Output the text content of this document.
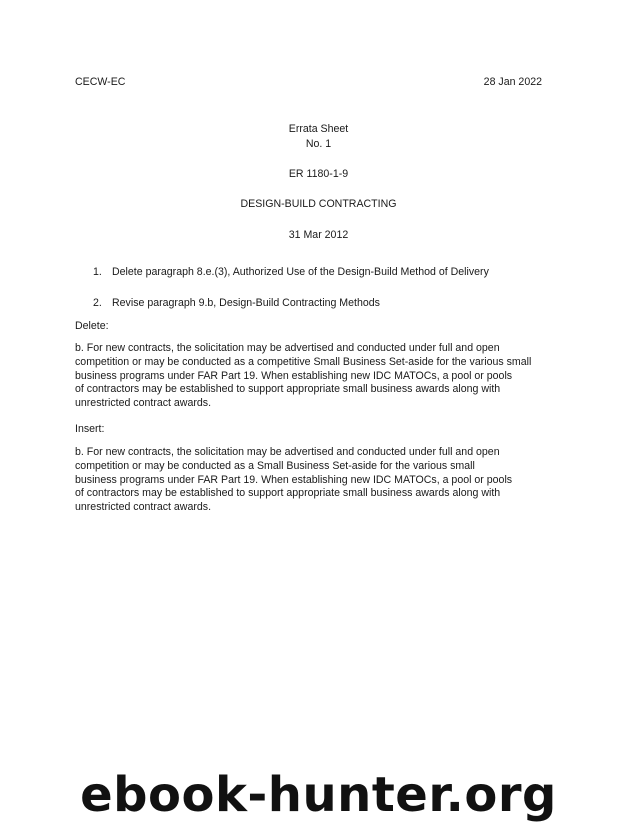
CECW-EC	28 Jan 2022
Errata Sheet
No. 1
ER 1180-1-9
DESIGN-BUILD CONTRACTING
31 Mar 2012
1. Delete paragraph 8.e.(3), Authorized Use of the Design-Build Method of Delivery
2. Revise paragraph 9.b, Design-Build Contracting Methods
Delete:
b. For new contracts, the solicitation may be advertised and conducted under full and open
competition or may be conducted as a competitive Small Business Set-aside for the various small
business programs under FAR Part 19. When establishing new IDC MATOCs, a pool or pools
of contractors may be established to support appropriate small business awards along with
unrestricted contract awards.
Insert:
b. For new contracts, the solicitation may be advertised and conducted under full and open
competition or may be conducted as a Small Business Set-aside for the various small
business programs under FAR Part 19. When establishing new IDC MATOCs, a pool or pools
of contractors may be established to support appropriate small business awards along with
unrestricted contract awards.
ebook-hunter.org
